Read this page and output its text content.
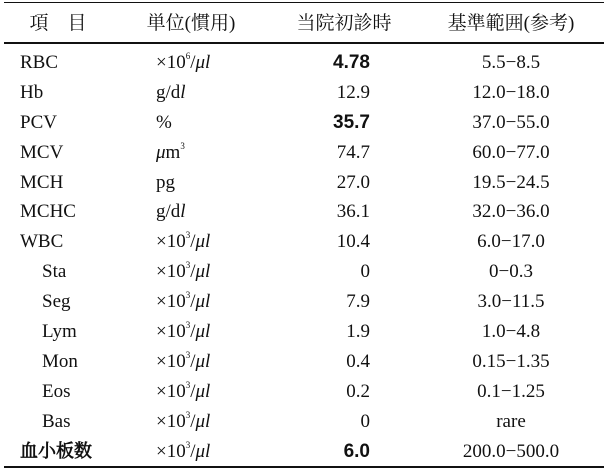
項　目	単位(慣用)	当院初診時	基準範囲(参考)
RBC	$\times 10^6/\mu l$	4.78	5.5−8.5
Hb	g/dl	12.9	12.0−18.0
PCV	%	35.7	37.0−55.0
MCV	$\mu m^3$	74.7	60.0−77.0
MCH	pg	27.0	19.5−24.5
MCHC	g/dl	36.1	32.0−36.0
WBC	$\times 10^3/\mu l$	10.4	6.0−17.0
Sta	$\times 10^3/\mu l$	0	0−0.3
Seg	$\times 10^3/\mu l$	7.9	3.0−11.5
Lym	$\times 10^3/\mu l$	1.9	1.0−4.8
Mon	$\times 10^3/\mu l$	0.4	0.15−1.35
Eos	$\times 10^3/\mu l$	0.2	0.1−1.25
Bas	$\times 10^3/\mu l$	0	rare
血小板数	$\times 10^3/\mu l$	6.0	200.0−500.0
